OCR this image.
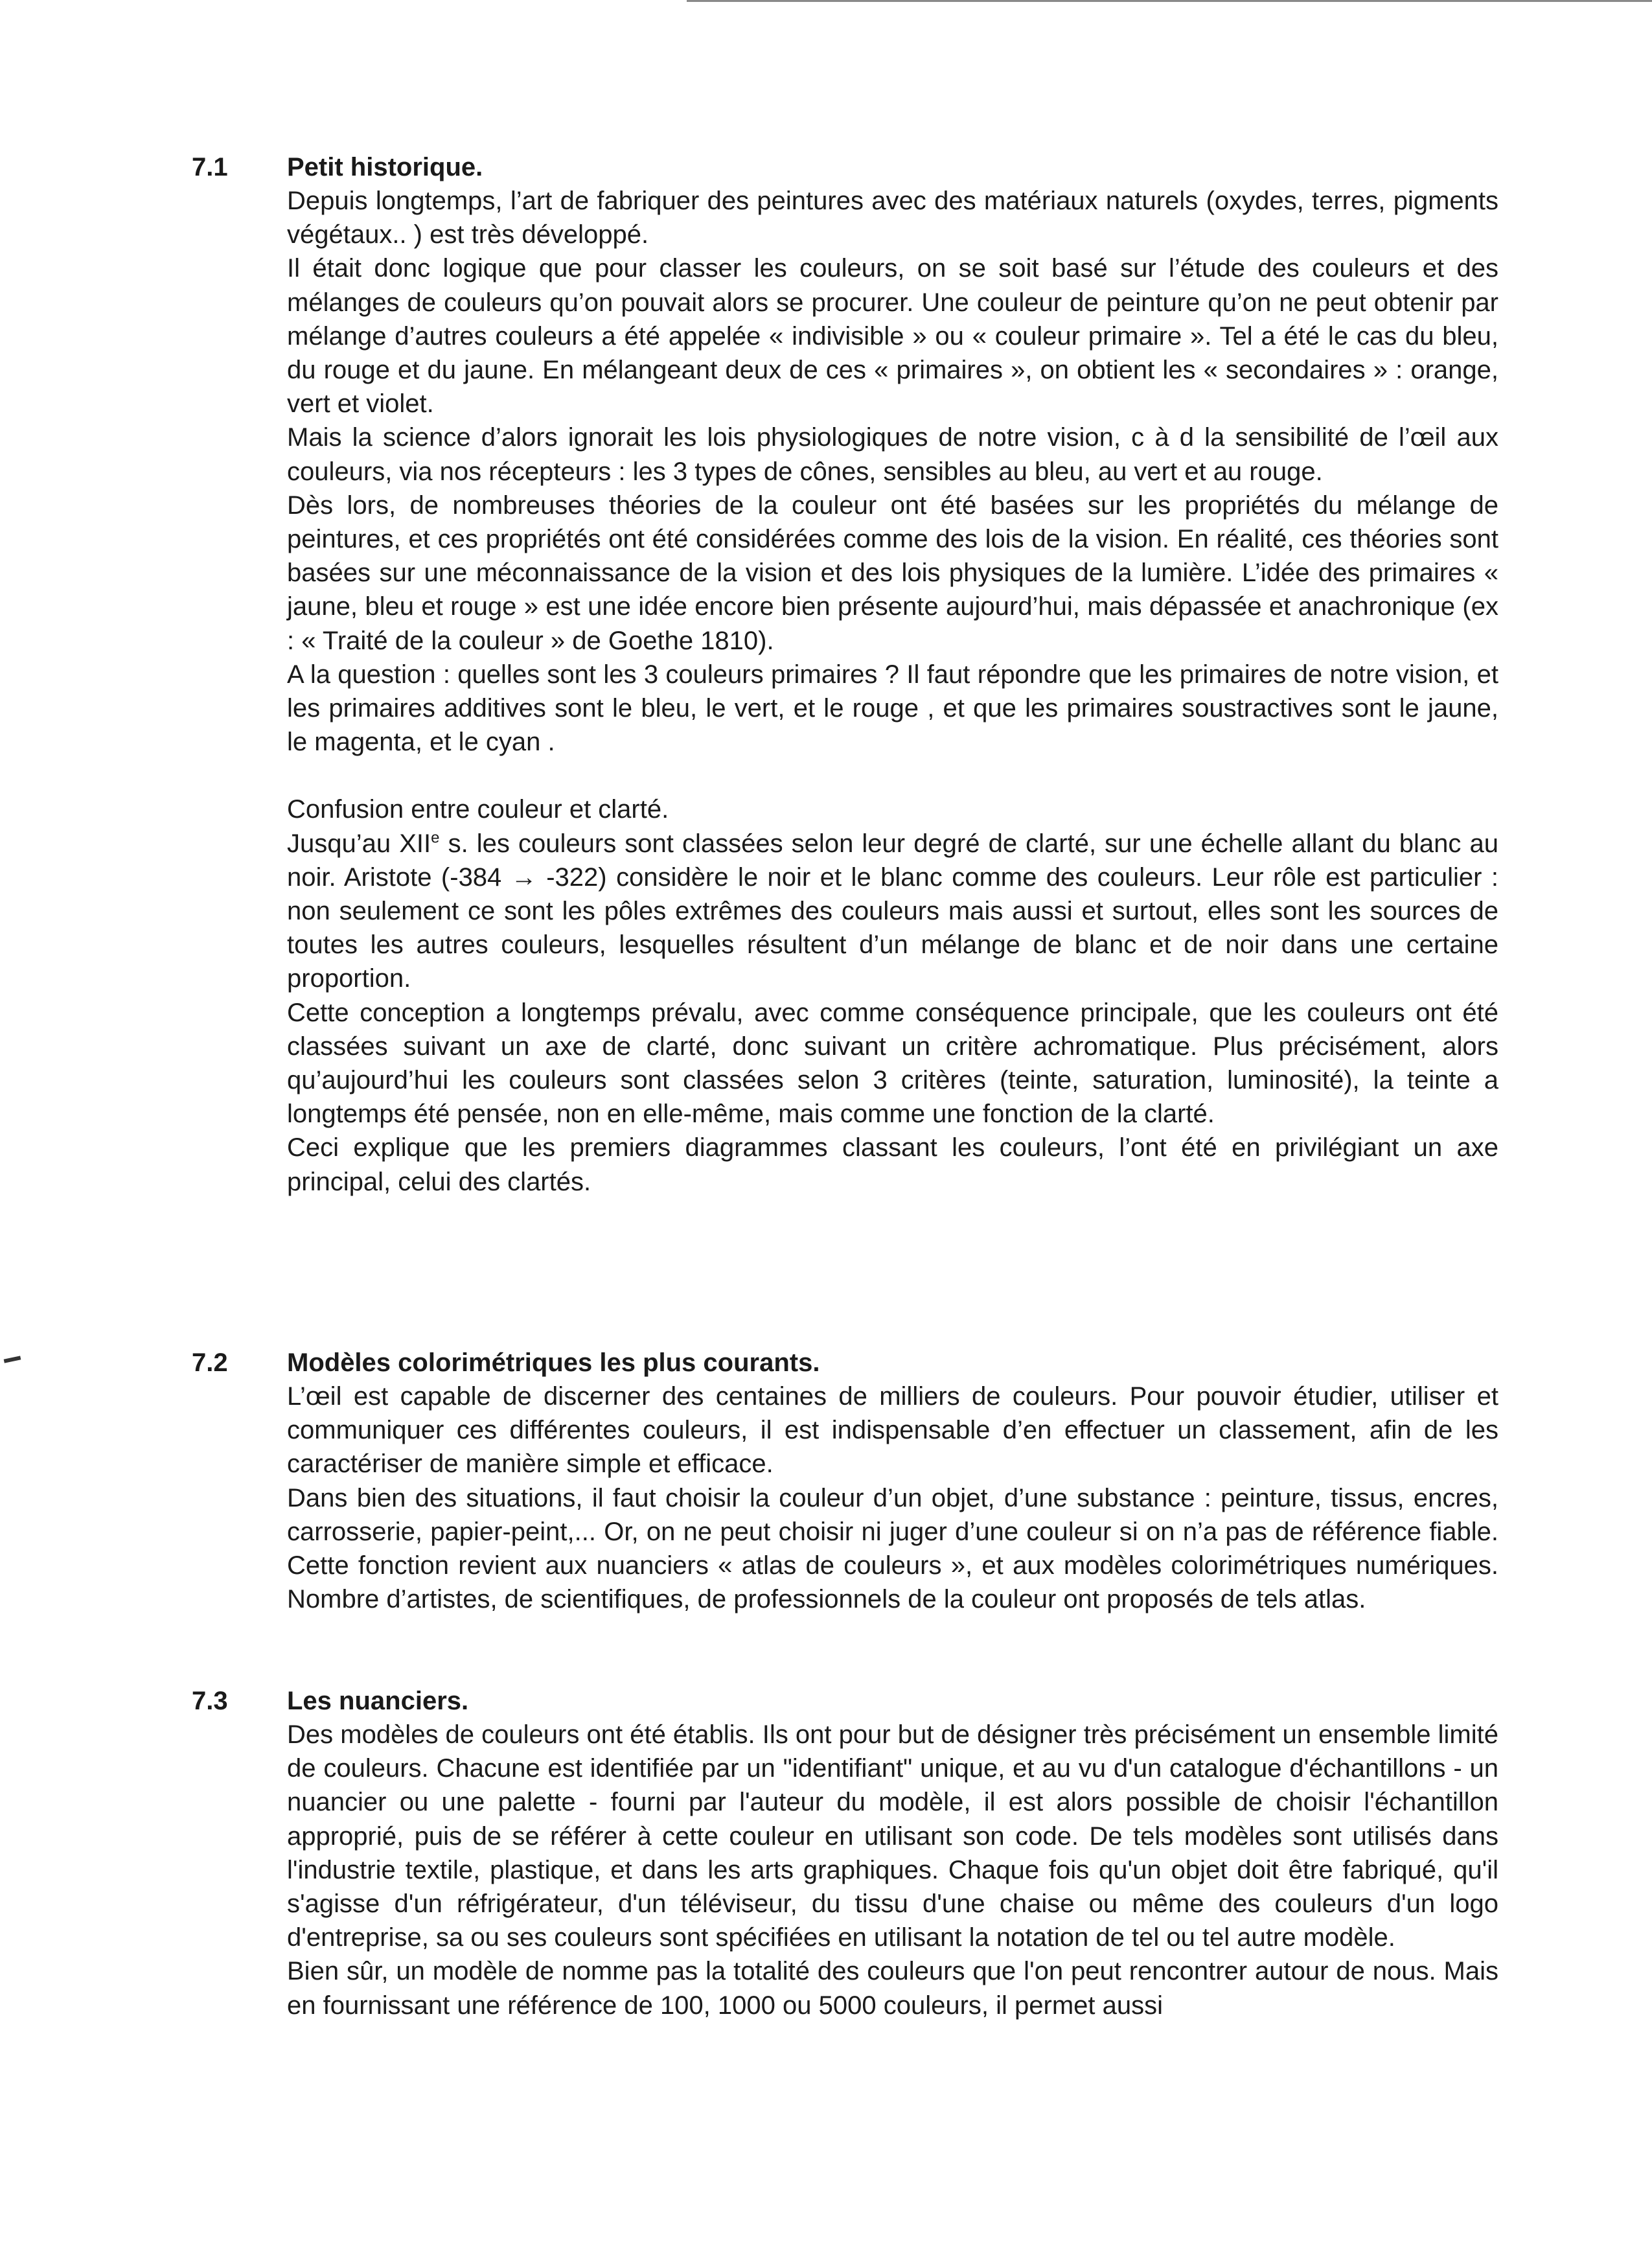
7.1 Petit historique.

Depuis longtemps, l’art de fabriquer des peintures avec des matériaux naturels (oxydes, terres, pigments végétaux.. ) est très développé.

Il était donc logique que pour classer les couleurs, on se soit basé sur l’étude des couleurs et des mélanges de couleurs qu’on pouvait alors se procurer. Une couleur de peinture qu’on ne peut obtenir par mélange d’autres couleurs a été appelée « indivisible » ou « couleur primaire ». Tel a été le cas du bleu, du rouge et du jaune. En mélangeant deux de ces « primaires », on obtient les « secondaires » : orange, vert et violet.

Mais la science d’alors ignorait les lois physiologiques de notre vision, c à d la sensibilité de l’œil aux couleurs, via nos récepteurs : les 3 types de cônes, sensibles au bleu, au vert et au rouge.

Dès lors, de nombreuses théories de la couleur ont été basées sur les propriétés du mélange de peintures, et ces propriétés ont été considérées comme des lois de la vision. En réalité, ces théories sont basées sur une méconnaissance de la vision et des lois physiques de la lumière. L’idée des primaires « jaune, bleu et rouge » est une idée encore bien présente aujourd’hui, mais dépassée et anachronique (ex : « Traité de la couleur » de Goethe 1810).

A la question : quelles sont les 3 couleurs primaires ? Il faut répondre que les primaires de notre vision, et les primaires additives sont le bleu, le vert, et le rouge , et que les primaires soustractives sont le jaune, le magenta, et le cyan .

Confusion entre couleur et clarté.

Jusqu’au XIIe s. les couleurs sont classées selon leur degré de clarté, sur une échelle allant du blanc au noir. Aristote (-384 → -322) considère le noir et le blanc comme des couleurs. Leur rôle est particulier : non seulement ce sont les pôles extrêmes des couleurs mais aussi et surtout, elles sont les sources de toutes les autres couleurs, lesquelles résultent d’un mélange de blanc et de noir dans une certaine proportion.

Cette conception a longtemps prévalu, avec comme conséquence principale, que les couleurs ont été classées suivant un axe de clarté, donc suivant un critère achromatique. Plus précisément, alors qu’aujourd’hui les couleurs sont classées selon 3 critères (teinte, saturation, luminosité), la teinte a longtemps été pensée, non en elle-même, mais comme une fonction de la clarté.

Ceci explique que les premiers diagrammes classant les couleurs, l’ont été en privilégiant un axe principal, celui des clartés.

7.2 Modèles colorimétriques les plus courants.

L’œil est capable de discerner des centaines de milliers de couleurs. Pour pouvoir étudier, utiliser et communiquer ces différentes couleurs, il est indispensable d’en effectuer un classement, afin de les caractériser de manière simple et efficace.

Dans bien des situations, il faut choisir la couleur d’un objet, d’une substance : peinture, tissus, encres, carrosserie, papier-peint,... Or, on ne peut choisir ni juger d’une couleur si on n’a pas de référence fiable. Cette fonction revient aux nuanciers « atlas de couleurs », et aux modèles colorimétriques numériques. Nombre d’artistes, de scientifiques, de professionnels de la couleur ont proposés de tels atlas.

7.3 Les nuanciers.

Des modèles de couleurs ont été établis. Ils ont pour but de désigner très précisément un ensemble limité de couleurs. Chacune est identifiée par un "identifiant" unique, et au vu d'un catalogue d'échantillons - un nuancier ou une palette - fourni par l'auteur du modèle, il est alors possible de choisir l'échantillon approprié, puis de se référer à cette couleur en utilisant son code. De tels modèles sont utilisés dans l'industrie textile, plastique, et dans les arts graphiques. Chaque fois qu'un objet doit être fabriqué, qu'il s'agisse d'un réfrigérateur, d'un téléviseur, du tissu d'une chaise ou même des couleurs d'un logo d'entreprise, sa ou ses couleurs sont spécifiées en utilisant la notation de tel ou tel autre modèle.

Bien sûr, un modèle de nomme pas la totalité des couleurs que l'on peut rencontrer autour de nous. Mais en fournissant une référence de 100, 1000 ou 5000 couleurs, il permet aussi
